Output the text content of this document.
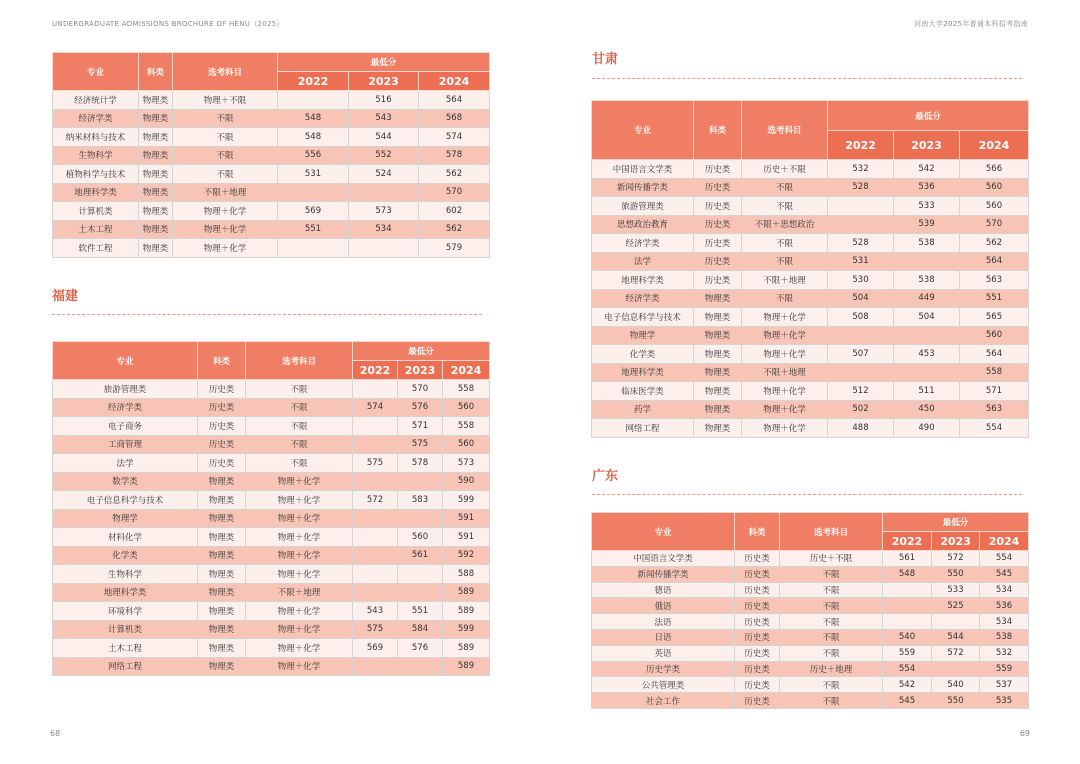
UNDERGRADUATE ADMISSIONS BROCHURE OF HENU（2025）
专业	科类	选考科目	最低分		
			2022	2023	2024
经济统计学	物理类	物理＋不限		516	564
经济学类	物理类	不限	548	543	568
纳米材料与技术	物理类	不限	548	544	574
生物科学	物理类	不限	556	552	578
植物科学与技术	物理类	不限	531	524	562
地理科学类	物理类	不限＋地理			570
计算机类	物理类	物理＋化学	569	573	602
土木工程	物理类	物理＋化学	551	534	562
软件工程	物理类	物理＋化学			579
福建
专业	科类	选考科目	最低分		
			2022	2023	2024
旅游管理类	历史类	不限		570	558
经济学类	历史类	不限	574	576	560
电子商务	历史类	不限		571	558
工商管理	历史类	不限		575	560
法学	历史类	不限	575	578	573
数学类	物理类	物理＋化学			590
电子信息科学与技术	物理类	物理＋化学	572	583	599
物理学	物理类	物理＋化学			591
材料化学	物理类	物理＋化学		560	591
化学类	物理类	物理＋化学		561	592
生物科学	物理类	物理＋化学			588
地理科学类	物理类	不限＋地理			589
环境科学	物理类	物理＋化学	543	551	589
计算机类	物理类	物理＋化学	575	584	599
土木工程	物理类	物理＋化学	569	576	589
网络工程	物理类	物理＋化学			589
68
河南大学2025年普通本科招考指南
甘肃
专业	科类	选考科目	最低分		
			2022	2023	2024
中国语言文学类	历史类	历史＋不限	532	542	566
新闻传播学类	历史类	不限	528	536	560
旅游管理类	历史类	不限		533	560
思想政治教育	历史类	不限＋思想政治		539	570
经济学类	历史类	不限	528	538	562
法学	历史类	不限	531		564
地理科学类	历史类	不限＋地理	530	538	563
经济学类	物理类	不限	504	449	551
电子信息科学与技术	物理类	物理＋化学	508	504	565
物理学	物理类	物理＋化学			560
化学类	物理类	物理＋化学	507	453	564
地理科学类	物理类	不限＋地理			558
临床医学类	物理类	物理＋化学	512	511	571
药学	物理类	物理＋化学	502	450	563
网络工程	物理类	物理＋化学	488	490	554
广东
专业	科类	选考科目	最低分		
			2022	2023	2024
中国语言文学类	历史类	历史＋不限	561	572	554
新闻传播学类	历史类	不限	548	550	545
德语	历史类	不限		533	534
俄语	历史类	不限		525	536
法语	历史类	不限			534
日语	历史类	不限	540	544	538
英语	历史类	不限	559	572	532
历史学类	历史类	历史＋地理	554		559
公共管理类	历史类	不限	542	540	537
社会工作	历史类	不限	545	550	535
69
